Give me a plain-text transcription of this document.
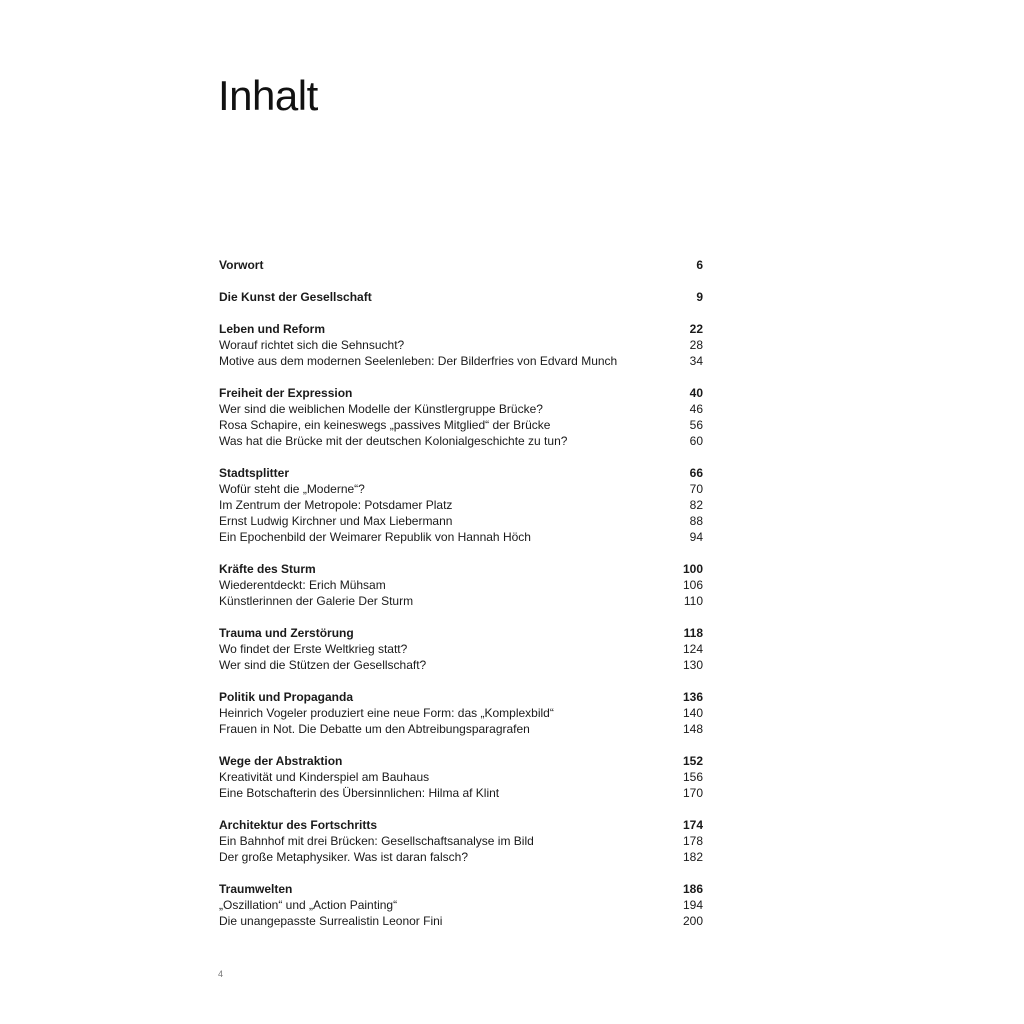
Inhalt
Vorwort	6
Die Kunst der Gesellschaft	9
Leben und Reform	22
Worauf richtet sich die Sehnsucht?	28
Motive aus dem modernen Seelenleben: Der Bilderfries von Edvard Munch	34
Freiheit der Expression	40
Wer sind die weiblichen Modelle der Künstlergruppe Brücke?	46
Rosa Schapire, ein keineswegs „passives Mitglied“ der Brücke	56
Was hat die Brücke mit der deutschen Kolonialgeschichte zu tun?	60
Stadtsplitter	66
Wofür steht die „Moderne“?	70
Im Zentrum der Metropole: Potsdamer Platz	82
Ernst Ludwig Kirchner und Max Liebermann	88
Ein Epochenbild der Weimarer Republik von Hannah Höch	94
Kräfte des Sturm	100
Wiederentdeckt: Erich Mühsam	106
Künstlerinnen der Galerie Der Sturm	110
Trauma und Zerstörung	118
Wo findet der Erste Weltkrieg statt?	124
Wer sind die Stützen der Gesellschaft?	130
Politik und Propaganda	136
Heinrich Vogeler produziert eine neue Form: das „Komplexbild“	140
Frauen in Not. Die Debatte um den Abtreibungsparagrafen	148
Wege der Abstraktion	152
Kreativität und Kinderspiel am Bauhaus	156
Eine Botschafterin des Übersinnlichen: Hilma af Klint	170
Architektur des Fortschritts	174
Ein Bahnhof mit drei Brücken: Gesellschaftsanalyse im Bild	178
Der große Metaphysiker. Was ist daran falsch?	182
Traumwelten	186
„Oszillation“ und „Action Painting“	194
Die unangepasste Surrealistin Leonor Fini	200
4
